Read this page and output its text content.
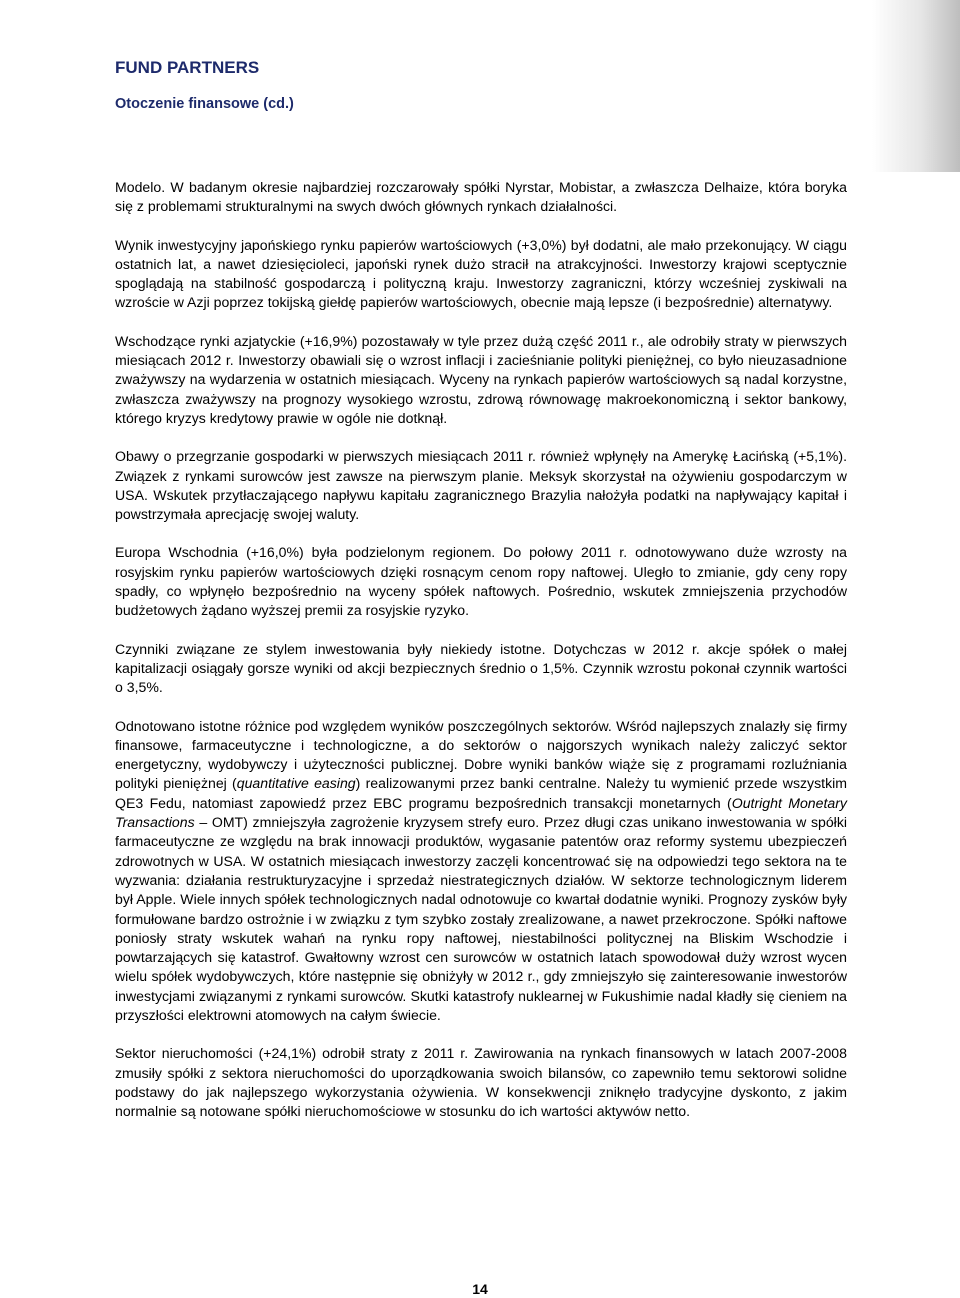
FUND PARTNERS
Otoczenie finansowe (cd.)

Modelo. W badanym okresie najbardziej rozczarowały spółki Nyrstar, Mobistar, a zwłaszcza Delhaize, która boryka się z problemami strukturalnymi na swych dwóch głównych rynkach działalności.

Wynik inwestycyjny japońskiego rynku papierów wartościowych (+3,0%) był dodatni, ale mało przekonujący. W ciągu ostatnich lat, a nawet dziesięcioleci, japoński rynek dużo stracił na atrakcyjności. Inwestorzy krajowi sceptycznie spoglądają na stabilność gospodarczą i polityczną kraju. Inwestorzy zagraniczni, którzy wcześniej zyskiwali na wzroście w Azji poprzez tokijską giełdę papierów wartościowych, obecnie mają lepsze (i bezpośrednie) alternatywy.

Wschodzące rynki azjatyckie (+16,9%) pozostawały w tyle przez dużą część 2011 r., ale odrobiły straty w pierwszych miesiącach 2012 r. Inwestorzy obawiali się o wzrost inflacji i zacieśnianie polityki pieniężnej, co było nieuzasadnione zważywszy na wydarzenia w ostatnich miesiącach. Wyceny na rynkach papierów wartościowych są nadal korzystne, zwłaszcza zważywszy na prognozy wysokiego wzrostu, zdrową równowagę makroekonomiczną i sektor bankowy, którego kryzys kredytowy prawie w ogóle nie dotknął.

Obawy o przegrzanie gospodarki w pierwszych miesiącach 2011 r. również wpłynęły na Amerykę Łacińską (+5,1%). Związek z rynkami surowców jest zawsze na pierwszym planie. Meksyk skorzystał na ożywieniu gospodarczym w USA. Wskutek przytłaczającego napływu kapitału zagranicznego Brazylia nałożyła podatki na napływający kapitał i powstrzymała aprecjację swojej waluty.

Europa Wschodnia (+16,0%) była podzielonym regionem. Do połowy 2011 r. odnotowywano duże wzrosty na rosyjskim rynku papierów wartościowych dzięki rosnącym cenom ropy naftowej. Uległo to zmianie, gdy ceny ropy spadły, co wpłynęło bezpośrednio na wyceny spółek naftowych. Pośrednio, wskutek zmniejszenia przychodów budżetowych żądano wyższej premii za rosyjskie ryzyko.

Czynniki związane ze stylem inwestowania były niekiedy istotne. Dotychczas w 2012 r. akcje spółek o małej kapitalizacji osiągały gorsze wyniki od akcji bezpiecznych średnio o 1,5%. Czynnik wzrostu pokonał czynnik wartości o 3,5%.

Odnotowano istotne różnice pod względem wyników poszczególnych sektorów. Wśród najlepszych znalazły się firmy finansowe, farmaceutyczne i technologiczne, a do sektorów o najgorszych wynikach należy zaliczyć sektor energetyczny, wydobywczy i użyteczności publicznej. Dobre wyniki banków wiąże się z programami rozluźniania polityki pieniężnej (quantitative easing) realizowanymi przez banki centralne. Należy tu wymienić przede wszystkim QE3 Fedu, natomiast zapowiedź przez EBC programu bezpośrednich transakcji monetarnych (Outright Monetary Transactions – OMT) zmniejszyła zagrożenie kryzysem strefy euro. Przez długi czas unikano inwestowania w spółki farmaceutyczne ze względu na brak innowacji produktów, wygasanie patentów oraz reformy systemu ubezpieczeń zdrowotnych w USA. W ostatnich miesiącach inwestorzy zaczęli koncentrować się na odpowiedzi tego sektora na te wyzwania: działania restrukturyzacyjne i sprzedaż niestrategicznych działów. W sektorze technologicznym liderem był Apple. Wiele innych spółek technologicznych nadal odnotowuje co kwartał dodatnie wyniki. Prognozy zysków były formułowane bardzo ostrożnie i w związku z tym szybko zostały zrealizowane, a nawet przekroczone. Spółki naftowe poniosły straty wskutek wahań na rynku ropy naftowej, niestabilności politycznej na Bliskim Wschodzie i powtarzających się katastrof. Gwałtowny wzrost cen surowców w ostatnich latach spowodował duży wzrost wycen wielu spółek wydobywczych, które następnie się obniżyły w 2012 r., gdy zmniejszyło się zainteresowanie inwestorów inwestycjami związanymi z rynkami surowców. Skutki katastrofy nuklearnej w Fukushimie nadal kładły się cieniem na przyszłości elektrowni atomowych na całym świecie.

Sektor nieruchomości (+24,1%) odrobił straty z 2011 r. Zawirowania na rynkach finansowych w latach 2007-2008 zmusiły spółki z sektora nieruchomości do uporządkowania swoich bilansów, co zapewniło temu sektorowi solidne podstawy do jak najlepszego wykorzystania ożywienia. W konsekwencji zniknęło tradycyjne dyskonto, z jakim normalnie są notowane spółki nieruchomościowe w stosunku do ich wartości aktywów netto.

14
